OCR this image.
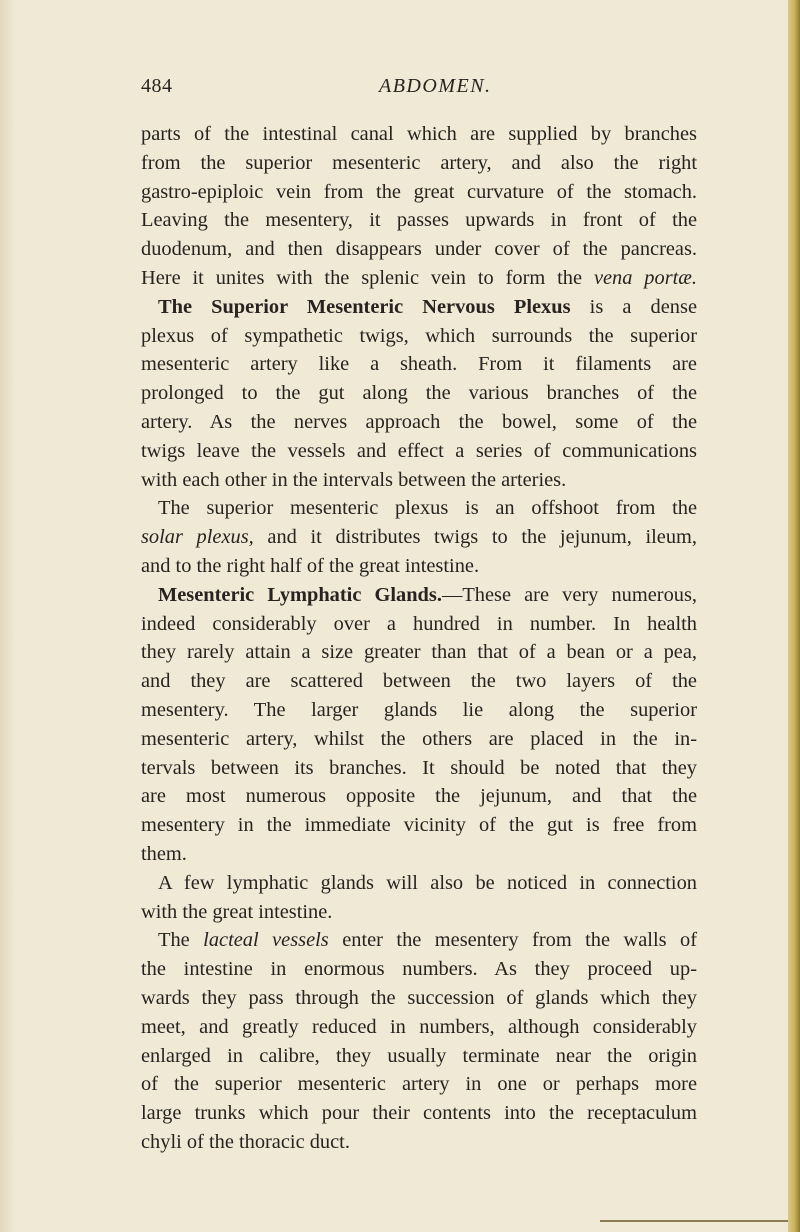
484	ABDOMEN.
parts of the intestinal canal which are supplied by branches
from the superior mesenteric artery, and also the right
gastro-epiploic vein from the great curvature of the stomach.
Leaving the mesentery, it passes upwards in front of the
duodenum, and then disappears under cover of the pancreas.
Here it unites with the splenic vein to form the vena portæ.
The Superior Mesenteric Nervous Plexus is a dense
plexus of sympathetic twigs, which surrounds the superior
mesenteric artery like a sheath. From it filaments are
prolonged to the gut along the various branches of the
artery. As the nerves approach the bowel, some of the
twigs leave the vessels and effect a series of communications
with each other in the intervals between the arteries.
The superior mesenteric plexus is an offshoot from the
solar plexus, and it distributes twigs to the jejunum, ileum,
and to the right half of the great intestine.
Mesenteric Lymphatic Glands.—These are very numerous,
indeed considerably over a hundred in number. In health
they rarely attain a size greater than that of a bean or a pea,
and they are scattered between the two layers of the
mesentery. The larger glands lie along the superior
mesenteric artery, whilst the others are placed in the in-
tervals between its branches. It should be noted that they
are most numerous opposite the jejunum, and that the
mesentery in the immediate vicinity of the gut is free from
them.
A few lymphatic glands will also be noticed in connection
with the great intestine.
The lacteal vessels enter the mesentery from the walls of
the intestine in enormous numbers. As they proceed up-
wards they pass through the succession of glands which they
meet, and greatly reduced in numbers, although considerably
enlarged in calibre, they usually terminate near the origin
of the superior mesenteric artery in one or perhaps more
large trunks which pour their contents into the receptaculum
chyli of the thoracic duct.
